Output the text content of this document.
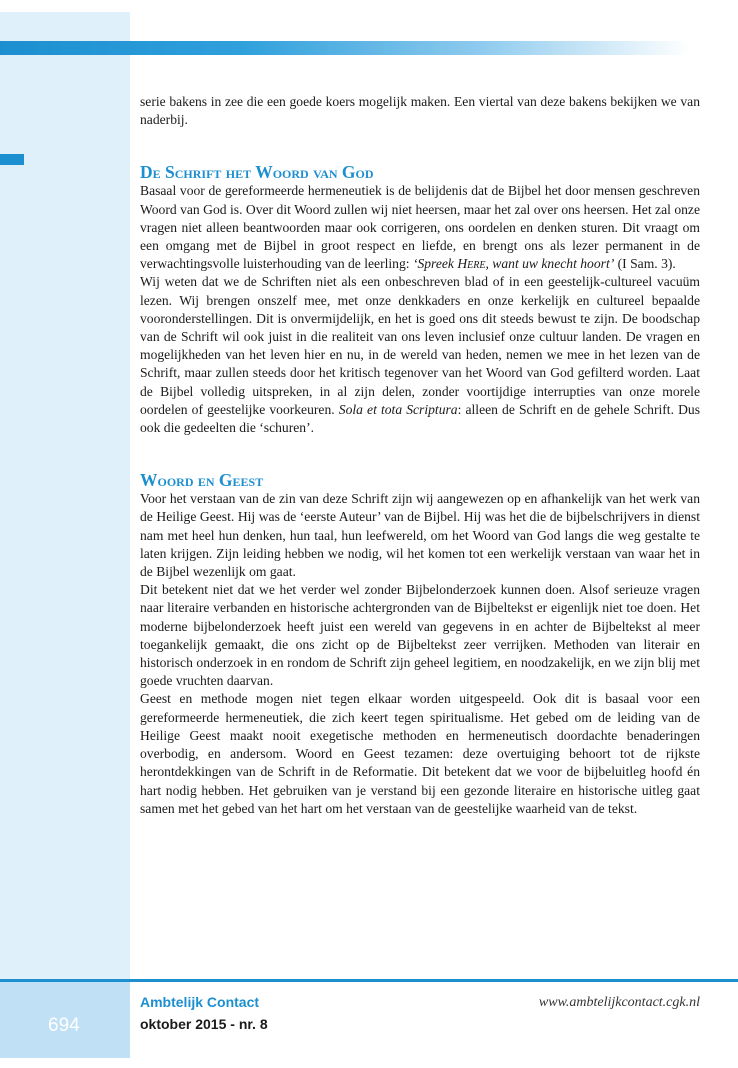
serie bakens in zee die een goede koers mogelijk maken. Een viertal van deze bakens bekijken we van naderbij.

De Schrift het Woord van God

Basaal voor de gereformeerde hermeneutiek is de belijdenis dat de Bijbel het door mensen geschreven Woord van God is. Over dit Woord zullen wij niet heersen, maar het zal over ons heersen. Het zal onze vragen niet alleen beantwoorden maar ook corrigeren, ons oordelen en denken sturen. Dit vraagt om een omgang met de Bijbel in groot respect en liefde, en brengt ons als lezer permanent in de verwachtingsvolle luisterhouding van de leerling: ‘Spreek Here, want uw knecht hoort’ (I Sam. 3).

Wij weten dat we de Schriften niet als een onbeschreven blad of in een geestelijk-cultureel vacuüm lezen. Wij brengen onszelf mee, met onze denkkaders en onze kerkelijk en cultureel bepaalde vooronderstellingen. Dit is onvermijdelijk, en het is goed ons dit steeds bewust te zijn. De boodschap van de Schrift wil ook juist in die realiteit van ons leven inclusief onze cultuur landen. De vragen en mogelijkheden van het leven hier en nu, in de wereld van heden, nemen we mee in het lezen van de Schrift, maar zullen steeds door het kritisch tegenover van het Woord van God gefilterd worden. Laat de Bijbel volledig uitspreken, in al zijn delen, zonder voortijdige interrupties van onze morele oordelen of geestelijke voorkeuren. Sola et tota Scriptura: alleen de Schrift en de gehele Schrift. Dus ook die gedeelten die ‘schuren’.

Woord en Geest

Voor het verstaan van de zin van deze Schrift zijn wij aangewezen op en afhankelijk van het werk van de Heilige Geest. Hij was de ‘eerste Auteur’ van de Bijbel. Hij was het die de bijbelschrijvers in dienst nam met heel hun denken, hun taal, hun leefwereld, om het Woord van God langs die weg gestalte te laten krijgen. Zijn leiding hebben we nodig, wil het komen tot een werkelijk verstaan van waar het in de Bijbel wezenlijk om gaat.

Dit betekent niet dat we het verder wel zonder Bijbelonderzoek kunnen doen. Alsof serieuze vragen naar literaire verbanden en historische achtergronden van de Bijbeltekst er eigenlijk niet toe doen. Het moderne bijbelonderzoek heeft juist een wereld van gegevens in en achter de Bijbeltekst al meer toegankelijk gemaakt, die ons zicht op de Bijbeltekst zeer verrijken. Methoden van literair en historisch onderzoek in en rondom de Schrift zijn geheel legitiem, en noodzakelijk, en we zijn blij met goede vruchten daarvan.

Geest en methode mogen niet tegen elkaar worden uitgespeeld. Ook dit is basaal voor een gereformeerde hermeneutiek, die zich keert tegen spiritualisme. Het gebed om de leiding van de Heilige Geest maakt nooit exegetische methoden en hermeneutisch doordachte benaderingen overbodig, en andersom. Woord en Geest tezamen: deze overtuiging behoort tot de rijkste herontdekkingen van de Schrift in de Reformatie. Dit betekent dat we voor de bijbeluitleg hoofd én hart nodig hebben. Het gebruiken van je verstand bij een gezonde literaire en historische uitleg gaat samen met het gebed van het hart om het verstaan van de geestelijke waarheid van de tekst.

694
Ambtelijk Contact
oktober 2015 - nr. 8
www.ambtelijkcontact.cgk.nl
